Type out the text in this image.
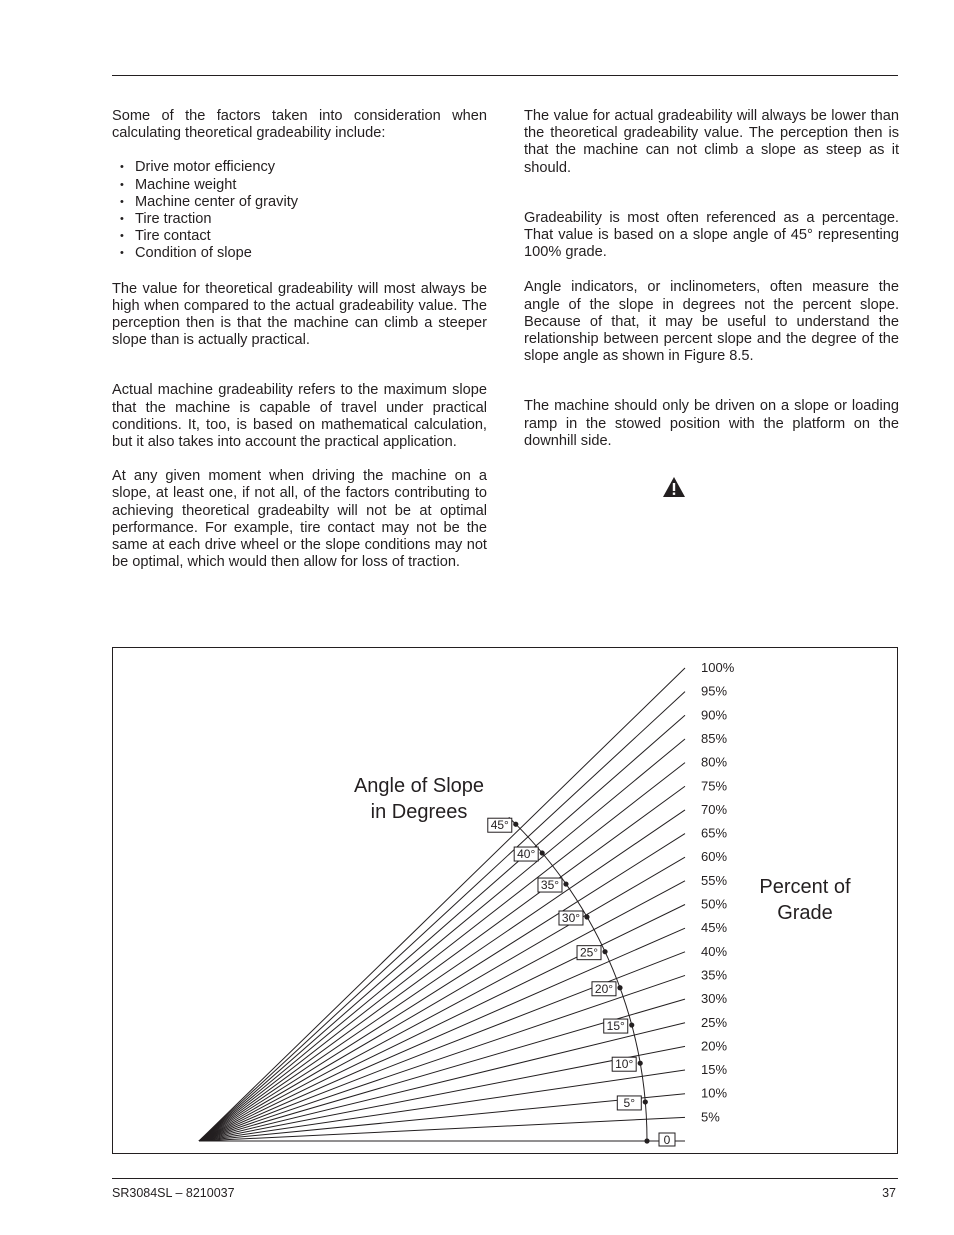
Some of the factors taken into consideration when calculating theoretical gradeability include:

• Drive motor efficiency
• Machine weight
• Machine center of gravity
• Tire traction
• Tire contact
• Condition of slope

The value for theoretical gradeability will most always be high when compared to the actual gradeability value. The perception then is that the machine can climb a steeper slope than is actually practical.

Actual machine gradeability refers to the maximum slope that the machine is capable of travel under practical conditions. It, too, is based on mathematical calculation, but it also takes into account the practical application.

At any given moment when driving the machine on a slope, at least one, if not all, of the factors contributing to achieving theoretical gradeabilty will not be at optimal performance. For example, tire contact may not be the same at each drive wheel or the slope conditions may not be optimal, which would then allow for loss of traction.

The value for actual gradeability will always be lower than the theoretical gradeability value. The perception then is that the machine can not climb a slope as steep as it should.

Gradeability is most often referenced as a percentage. That value is based on a slope angle of 45° representing 100% grade.

Angle indicators, or inclinometers, often measure the angle of the slope in degrees not the percent slope. Because of that, it may be useful to understand the relationship between percent slope and the degree of the slope angle as shown in Figure 8.5.

The machine should only be driven on a slope or loading ramp in the stowed position with the platform on the downhill side.

0
5%
10%
15%
20%
25%
30%
35%
40%
45%
50%
55%
60%
65%
70%
75%
80%
85%
90%
95%
100%
5°
10°
15°
20°
25°
30°
35°
40°
45°
Angle of Slope
in Degrees
Percent of
Grade
SR3084SL – 8210037	37
